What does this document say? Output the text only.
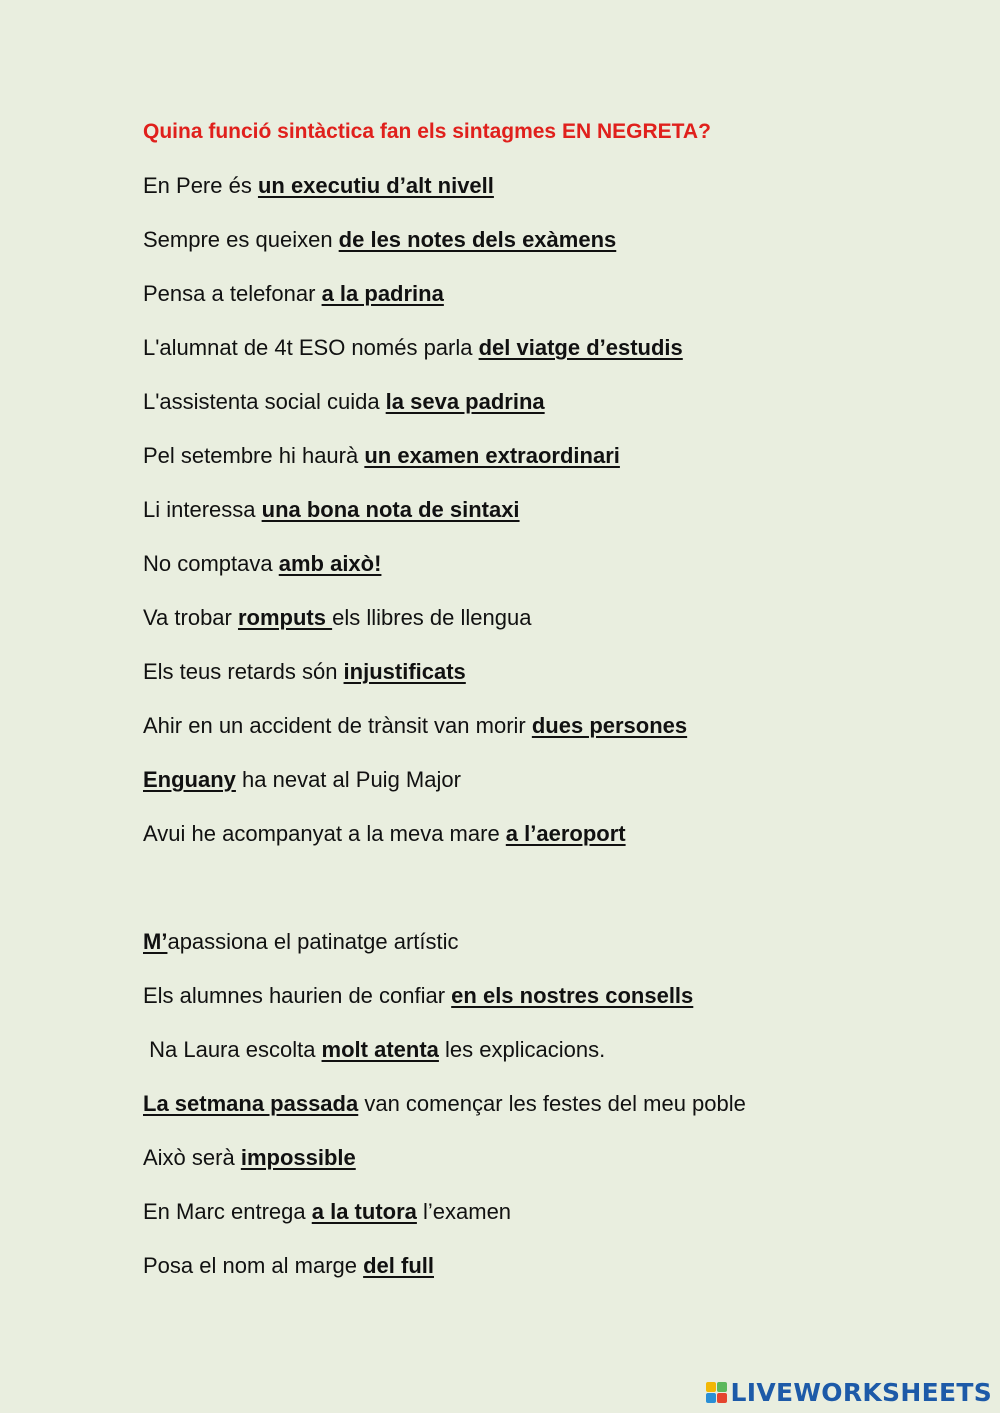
Quina funció sintàctica fan els sintagmes EN NEGRETA?
En Pere és un executiu d’alt nivell
Sempre es queixen de les notes dels exàmens
Pensa a telefonar a la padrina
L'alumnat de 4t ESO només parla del viatge d’estudis
L'assistenta social cuida la seva padrina
Pel setembre hi haurà un examen extraordinari
Li interessa una bona nota de sintaxi
No comptava amb això!
Va trobar romputs els llibres de llengua
Els teus retards són injustificats
Ahir en un accident de trànsit van morir dues persones
Enguany ha nevat al Puig Major
Avui he acompanyat a la meva mare a l’aeroport
M’apassiona el patinatge artístic
Els alumnes haurien de confiar en els nostres consells
Na Laura escolta molt atenta les explicacions.
La setmana passada van començar les festes del meu poble
Això serà impossible
En Marc entrega a la tutora l’examen
Posa el nom al marge del full
LIVEWORKSHEETS
